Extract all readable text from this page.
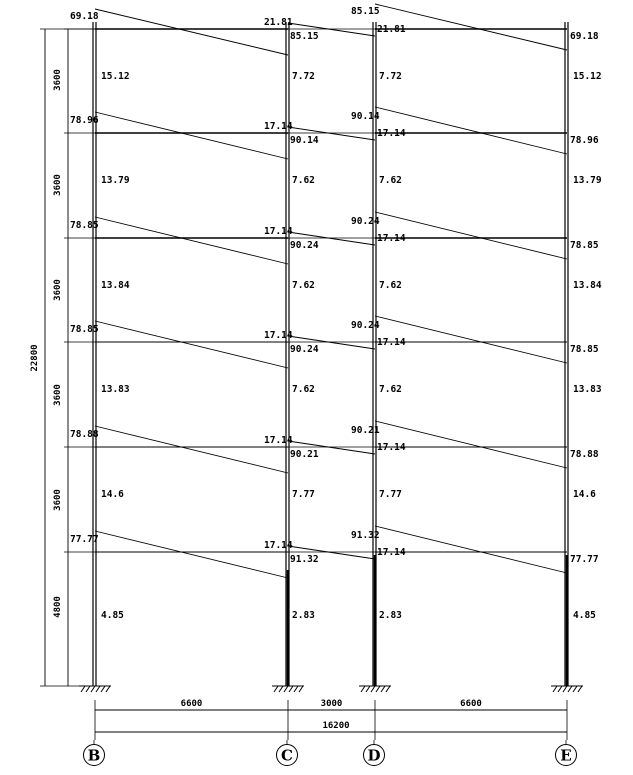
69.18
85.15
21.81
21.81
85.15
69.18
15.12	7.72	7.72	15.12
78.96
90.14
17.14
17.14
90.14
78.96
13.79	7.62	7.62	13.79
78.85
90.24
17.14
17.14
90.24
78.85
13.84	7.62	7.62	13.84
78.85
90.24
17.14
17.14
90.24
78.85
13.83	7.62	7.62	13.83
78.88
90.21
17.14
17.14
90.21
78.88
14.6	7.77	7.77	14.6
77.77
91.32
17.14
17.14
91.32
77.77
4.85	2.83	2.83	4.85
4800
3600
3600
3600
3600
3600
22800
6600	3000	6600
16200
B	C	D	E
